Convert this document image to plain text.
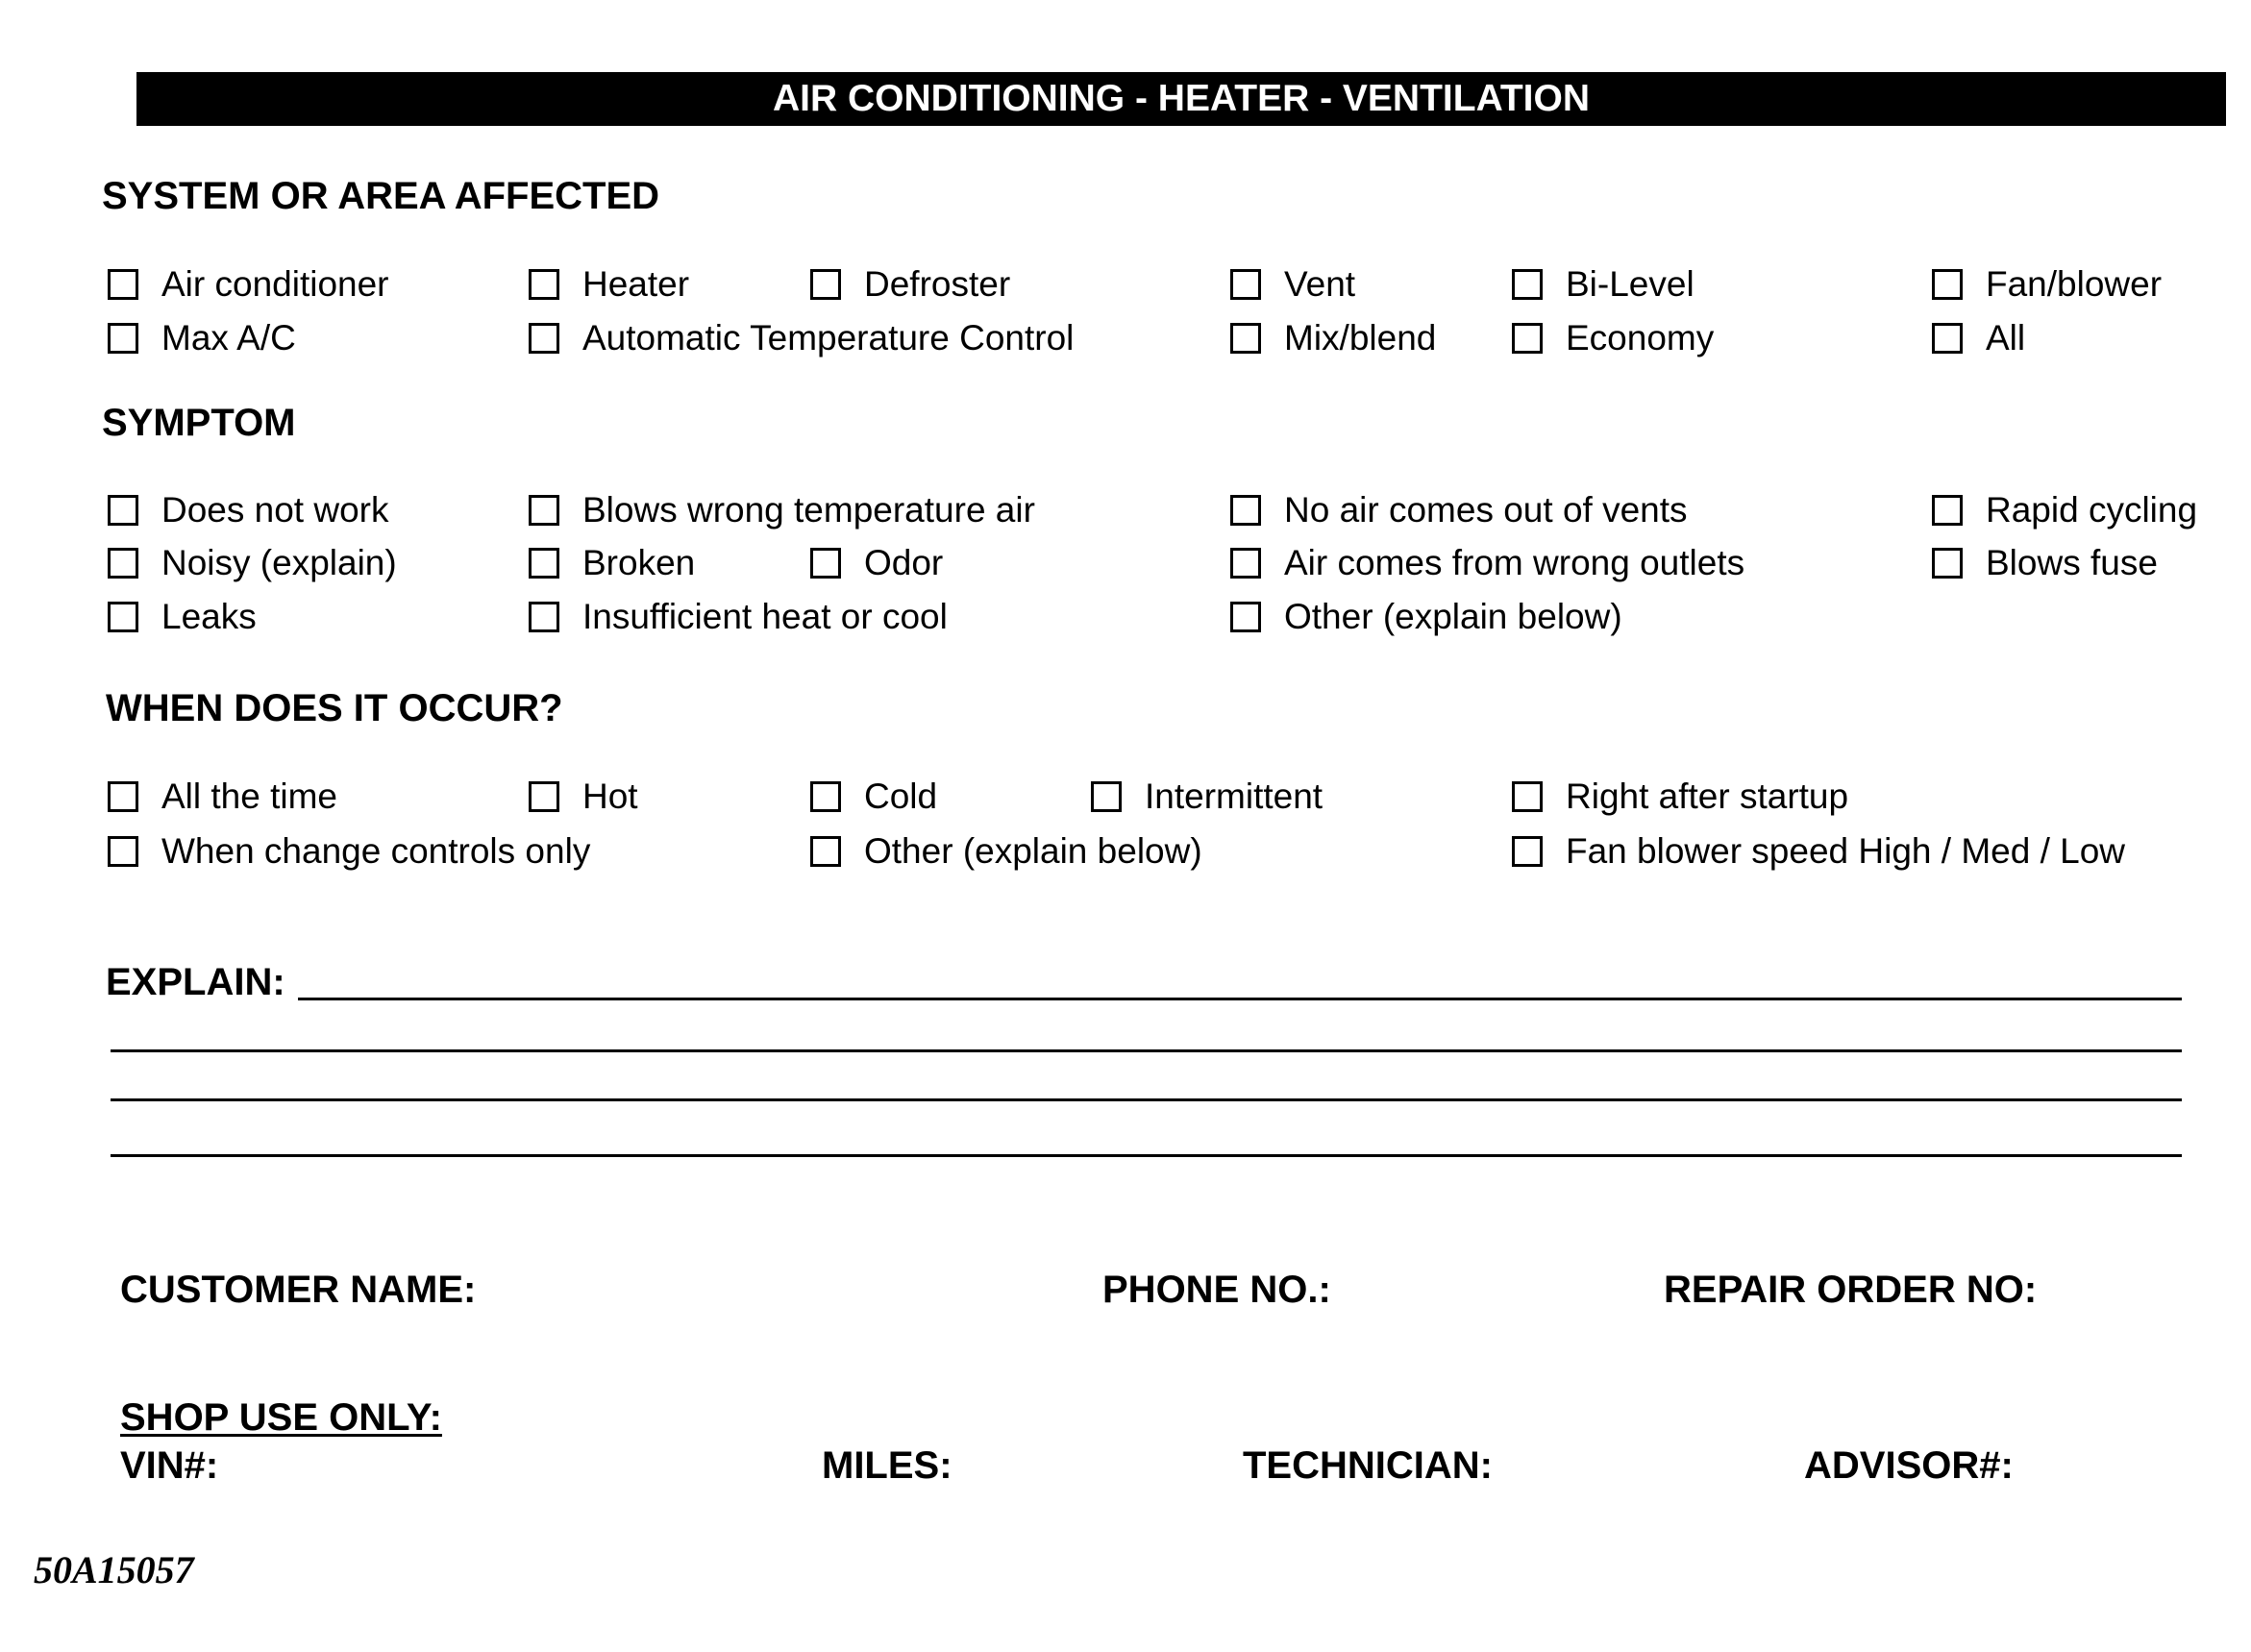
AIR CONDITIONING - HEATER - VENTILATION
SYSTEM OR AREA AFFECTED
Air conditioner	Heater	Defroster	Vent	Bi-Level	Fan/blower
Max A/C	Automatic Temperature Control	Mix/blend	Economy	All
SYMPTOM
Does not work	Blows wrong temperature air	No air comes out of vents	Rapid cycling
Noisy (explain)	Broken	Odor	Air comes from wrong outlets	Blows fuse
Leaks	Insufficient heat or cool	Other (explain below)
WHEN DOES IT OCCUR?
All the time	Hot	Cold	Intermittent	Right after startup
When change controls only	Other (explain below)	Fan blower speed High / Med / Low
EXPLAIN:
CUSTOMER NAME:	PHONE NO.:	REPAIR ORDER NO:
SHOP USE ONLY:
VIN#:	MILES:	TECHNICIAN:	ADVISOR#:
50A15057
